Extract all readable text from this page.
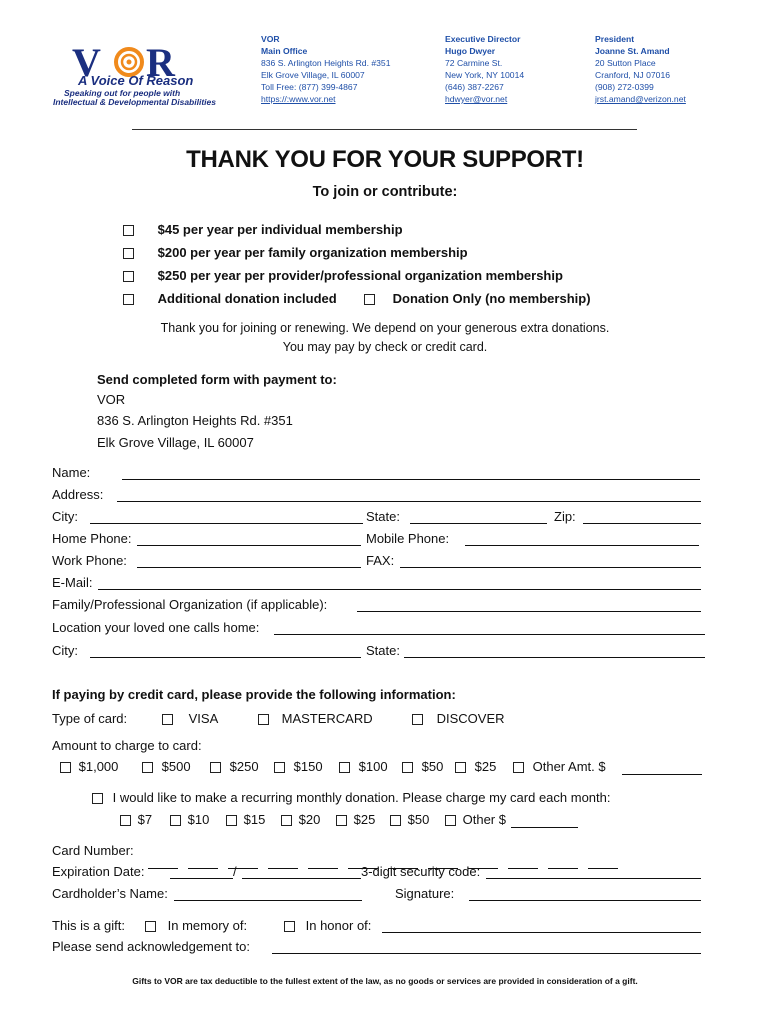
V R
A Voice Of Reason
Speaking out for people with
Intellectual & Developmental Disabilities
VOR
Main Office
836 S. Arlington Heights Rd. #351
Elk Grove Village, IL 60007
Toll Free: (877) 399-4867
https://:www.vor.net
Executive Director
Hugo Dwyer
72 Carmine St.
New York, NY 10014
(646) 387-2267
hdwyer@vor.net
President
Joanne St. Amand
20 Sutton Place
Cranford, NJ 07016
(908) 272-0399
jrst.amand@verizon.net
THANK YOU FOR YOUR SUPPORT!
To join or contribute:
$45 per year per individual membership
$200 per year per family organization membership
$250 per year per provider/professional organization membership
Additional donation included	Donation Only (no membership)
Thank you for joining or renewing. We depend on your generous extra donations.
You may pay by check or credit card.
Send completed form with payment to:
VOR
836 S. Arlington Heights Rd. #351
Elk Grove Village, IL 60007
Name:
Address:
City:	State:	Zip:
Home Phone:	Mobile Phone:
Work Phone:	FAX:
E-Mail:
Family/Professional Organization (if applicable):
Location your loved one calls home:
City:	State:
If paying by credit card, please provide the following information:
Type of card:	VISA	MASTERCARD	DISCOVER
Amount to charge to card:
$1,000	$500	$250	$150	$100	$50	$25	Other Amt. $
I would like to make a recurring monthly donation. Please charge my card each month:
$7	$10	$15	$20	$25	$50	Other $
Card Number:
Expiration Date:	/	3-digit security code:
Cardholder’s Name:	Signature:
This is a gift:	In memory of:	In honor of:
Please send acknowledgement to:
Gifts to VOR are tax deductible to the fullest extent of the law, as no goods or services are provided in consideration of a gift.
